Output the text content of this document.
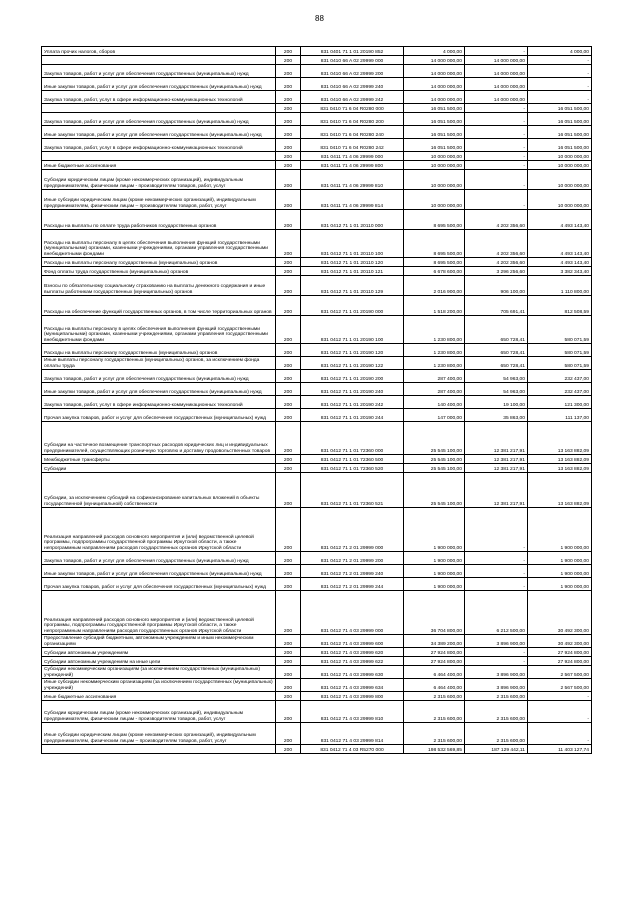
88
Уплата прочих налогов, сборов	200	831 0401 71 1 01 20190 852	4 000,00	-	4 000,00
	200	831 0410 66 A 02 29999 000	14 000 000,00	14 000 000,00	-
Закупка товаров, работ и услуг для обеспечения государственных (муниципальных) нужд	200	831 0410 66 A 02 29999 200	14 000 000,00	14 000 000,00	-
Иные закупки товаров, работ и услуг для обеспечения государственных (муниципальных) нужд	200	831 0410 66 A 02 29999 240	14 000 000,00	14 000 000,00	-
Закупка товаров, работ, услуг в сфере информационно-коммуникационных технологий	200	831 0410 66 A 02 29999 242	14 000 000,00	14 000 000,00	-
	200	831 0410 71 6 04 R0280 000	16 051 500,00	-	16 051 500,00
Закупка товаров, работ и услуг для обеспечения государственных (муниципальных) нужд	200	831 0410 71 6 04 R0280 200	16 051 500,00	-	16 051 500,00
Иные закупки товаров, работ и услуг для обеспечения государственных (муниципальных) нужд	200	831 0410 71 6 04 R0280 240	16 051 500,00	-	16 051 500,00
Закупка товаров, работ, услуг в сфере информационно-коммуникационных технологий	200	831 0410 71 6 04 R0280 242	16 051 500,00	-	16 051 500,00
	200	831 0411 71 4 06 29999 000	10 000 000,00	-	10 000 000,00
Иные бюджетные ассигнования	200	831 0411 71 4 06 29999 800	10 000 000,00	-	10 000 000,00
Субсидии юридическим лицам (кроме некоммерческих организаций), индивидуальным предпринимателям, физическим лицам - производителям товаров, работ, услуг	200	831 0411 71 4 06 29999 810	10 000 000,00	-	10 000 000,00
Иные субсидии юридическим лицам (кроме некоммерческих организаций), индивидуальным предпринимателям, физическим лицам – производителям товаров, работ, услуг	200	831 0411 71 4 06 29999 814	10 000 000,00	-	10 000 000,00
Расходы на выплаты по оплате труда работников государственных органов	200	831 0412 71 1 01 20110 000	8 695 500,00	4 202 356,60	4 493 143,40
Расходы на выплаты персоналу в целях обеспечения выполнения функций государственными (муниципальными) органами, казенными учреждениями, органами управления государственными внебюджетными фондами	200	831 0412 71 1 01 20110 100	8 695 500,00	4 202 356,60	4 493 143,40
Расходы на выплаты персоналу государственных (муниципальных) органов	200	831 0412 71 1 01 20110 120	8 695 500,00	4 202 356,60	4 493 143,40
Фонд оплаты труда государственных (муниципальных) органов	200	831 0412 71 1 01 20110 121	6 678 600,00	3 296 256,60	3 382 343,40
Взносы по обязательному социальному страхованию на выплаты денежного содержания и иные выплаты работникам государственных (муниципальных) органов	200	831 0412 71 1 01 20110 129	2 016 900,00	906 100,00	1 110 800,00
Расходы на обеспечение функций государственных органов, в том числе территориальных органов	200	831 0412 71 1 01 20190 000	1 518 200,00	705 691,41	812 508,59
Расходы на выплаты персоналу в целях обеспечения выполнения функций государственными (муниципальными) органами, казенными учреждениями, органами управления государственными внебюджетными фондами	200	831 0412 71 1 01 20190 100	1 230 800,00	650 728,41	580 071,59
Расходы на выплаты персоналу государственных (муниципальных) органов	200	831 0412 71 1 01 20190 120	1 230 800,00	650 728,41	580 071,59
Иные выплаты персоналу государственных (муниципальных) органов, за исключением фонда оплаты труда	200	831 0412 71 1 01 20190 122	1 230 800,00	650 728,41	580 071,59
Закупка товаров, работ и услуг для обеспечения государственных (муниципальных) нужд	200	831 0412 71 1 01 20190 200	287 400,00	54 963,00	232 437,00
Иные закупки товаров, работ и услуг для обеспечения государственных (муниципальных) нужд	200	831 0412 71 1 01 20190 240	287 400,00	54 963,00	232 437,00
Закупка товаров, работ, услуг в сфере информационно-коммуникационных технологий	200	831 0412 71 1 01 20190 242	140 400,00	19 100,00	121 300,00
Прочая закупка товаров, работ и услуг для обеспечения государственных (муниципальных) нужд	200	831 0412 71 1 01 20190 244	147 000,00	35 863,00	111 137,00
Субсидии на частичное возмещение транспортных расходов юридических лиц и индивидуальных предпринимателей, осуществляющих розничную торговлю и доставку продовольственных товаров	200	831 0412 71 1 01 72360 000	25 545 100,00	12 381 217,91	13 163 882,09
Межбюджетные трансферты	200	831 0412 71 1 01 72360 500	25 545 100,00	12 381 217,91	13 163 882,09
Субсидии	200	831 0412 71 1 01 72360 520	25 545 100,00	12 381 217,91	13 163 882,09
Субсидии, за исключением субсидий на софинансирование капитальных вложений в объекты государственной (муниципальной) собственности	200	831 0412 71 1 01 72360 521	25 545 100,00	12 381 217,91	13 163 882,09
Реализация направлений расходов основного мероприятия и (или) ведомственной целевой программы, подпрограммы государственной программы Иркутской области, а также непрограммным направлениям расходов государственных органов Иркутской области	200	831 0412 71 2 01 29999 000	1 900 000,00	-	1 900 000,00
Закупка товаров, работ и услуг для обеспечения государственных (муниципальных) нужд	200	831 0412 71 2 01 29999 200	1 900 000,00	-	1 900 000,00
Иные закупки товаров, работ и услуг для обеспечения государственных (муниципальных) нужд	200	831 0412 71 2 01 29999 240	1 900 000,00	-	1 900 000,00
Прочая закупка товаров, работ и услуг для обеспечения государственных (муниципальных) нужд	200	831 0412 71 2 01 29999 244	1 900 000,00	-	1 900 000,00
Реализация направлений расходов основного мероприятия и (или) ведомственной целевой программы, подпрограммы государственной программы Иркутской области, а также непрограммным направлениям расходов государственных органов Иркутской области	200	831 0412 71 4 03 29999 000	36 704 800,00	6 212 500,00	30 492 300,00
Предоставление субсидий бюджетным, автономным учреждениям и иным некоммерческим организациям	200	831 0412 71 4 03 29999 600	34 389 200,00	3 896 900,00	30 492 300,00
Субсидии автономным учреждениям	200	831 0412 71 4 03 29999 620	27 924 800,00	-	27 924 800,00
Субсидии автономным учреждениям на иные цели	200	831 0412 71 4 03 29999 622	27 924 800,00	-	27 924 800,00
Субсидии некоммерческим организациям (за исключением государственных (муниципальных) учреждений)	200	831 0412 71 4 03 29999 630	6 464 400,00	3 896 900,00	2 567 500,00
Иные субсидии некоммерческим организациям (за исключением государственных (муниципальных) учреждений)	200	831 0412 71 4 03 29999 634	6 464 400,00	3 896 900,00	2 567 500,00
Иные бюджетные ассигнования	200	831 0412 71 4 03 29999 800	2 315 600,00	2 315 600,00	-
Субсидии юридическим лицам (кроме некоммерческих организаций), индивидуальным предпринимателям, физическим лицам - производителям товаров, работ, услуг	200	831 0412 71 4 03 29999 810	2 315 600,00	2 315 600,00	-
Иные субсидии юридическим лицам (кроме некоммерческих организаций), индивидуальным предпринимателям, физическим лицам – производителям товаров, работ, услуг	200	831 0412 71 4 03 29999 814	2 315 600,00	2 315 600,00	-
	200	831 0412 71 4 03 R5270 000	198 532 569,85	187 129 442,11	11 403 127,74
